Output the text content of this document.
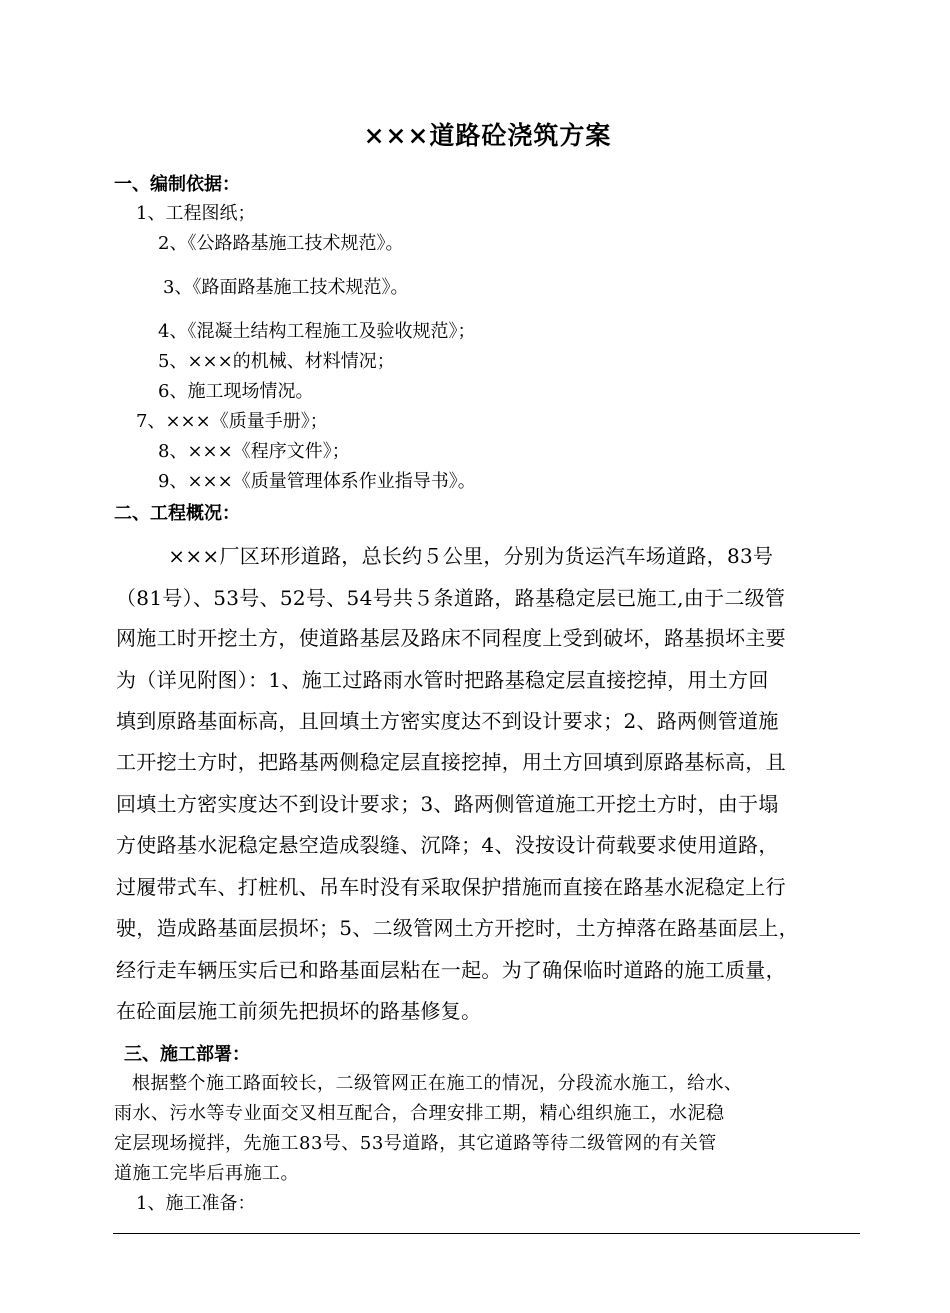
×××道路砼浇筑方案
一、编制依据：
1、工程图纸；
2、《公路路基施工技术规范》。
3、《路面路基施工技术规范》。
4、《混凝土结构工程施工及验收规范》；
5、×××的机械、材料情况；
6、施工现场情况。
7、×××《质量手册》；
8、×××《程序文件》；
9、×××《质量管理体系作业指导书》。
二、工程概况：
　×××厂区环形道路，总长约５公里，分别为货运汽车场道路，83号
（81号）、53号、52号、54号共５条道路，路基稳定层已施工,由于二级管
网施工时开挖土方，使道路基层及路床不同程度上受到破坏，路基损坏主要
为（详见附图）：1、施工过路雨水管时把路基稳定层直接挖掉，用土方回
填到原路基面标高，且回填土方密实度达不到设计要求；2、路两侧管道施
工开挖土方时，把路基两侧稳定层直接挖掉，用土方回填到原路基标高，且
回填土方密实度达不到设计要求；3、路两侧管道施工开挖土方时，由于塌
方使路基水泥稳定悬空造成裂缝、沉降；4、没按设计荷载要求使用道路，
过履带式车、打桩机、吊车时没有采取保护措施而直接在路基水泥稳定上行
驶，造成路基面层损坏；5、二级管网土方开挖时，土方掉落在路基面层上，
经行走车辆压实后已和路基面层粘在一起。为了确保临时道路的施工质量，
在砼面层施工前须先把损坏的路基修复。
三、施工部署：
根据整个施工路面较长，二级管网正在施工的情况，分段流水施工，给水、
雨水、污水等专业面交叉相互配合，合理安排工期，精心组织施工，水泥稳
定层现场搅拌，先施工83号、53号道路，其它道路等待二级管网的有关管
道施工完毕后再施工。
1、施工准备：
